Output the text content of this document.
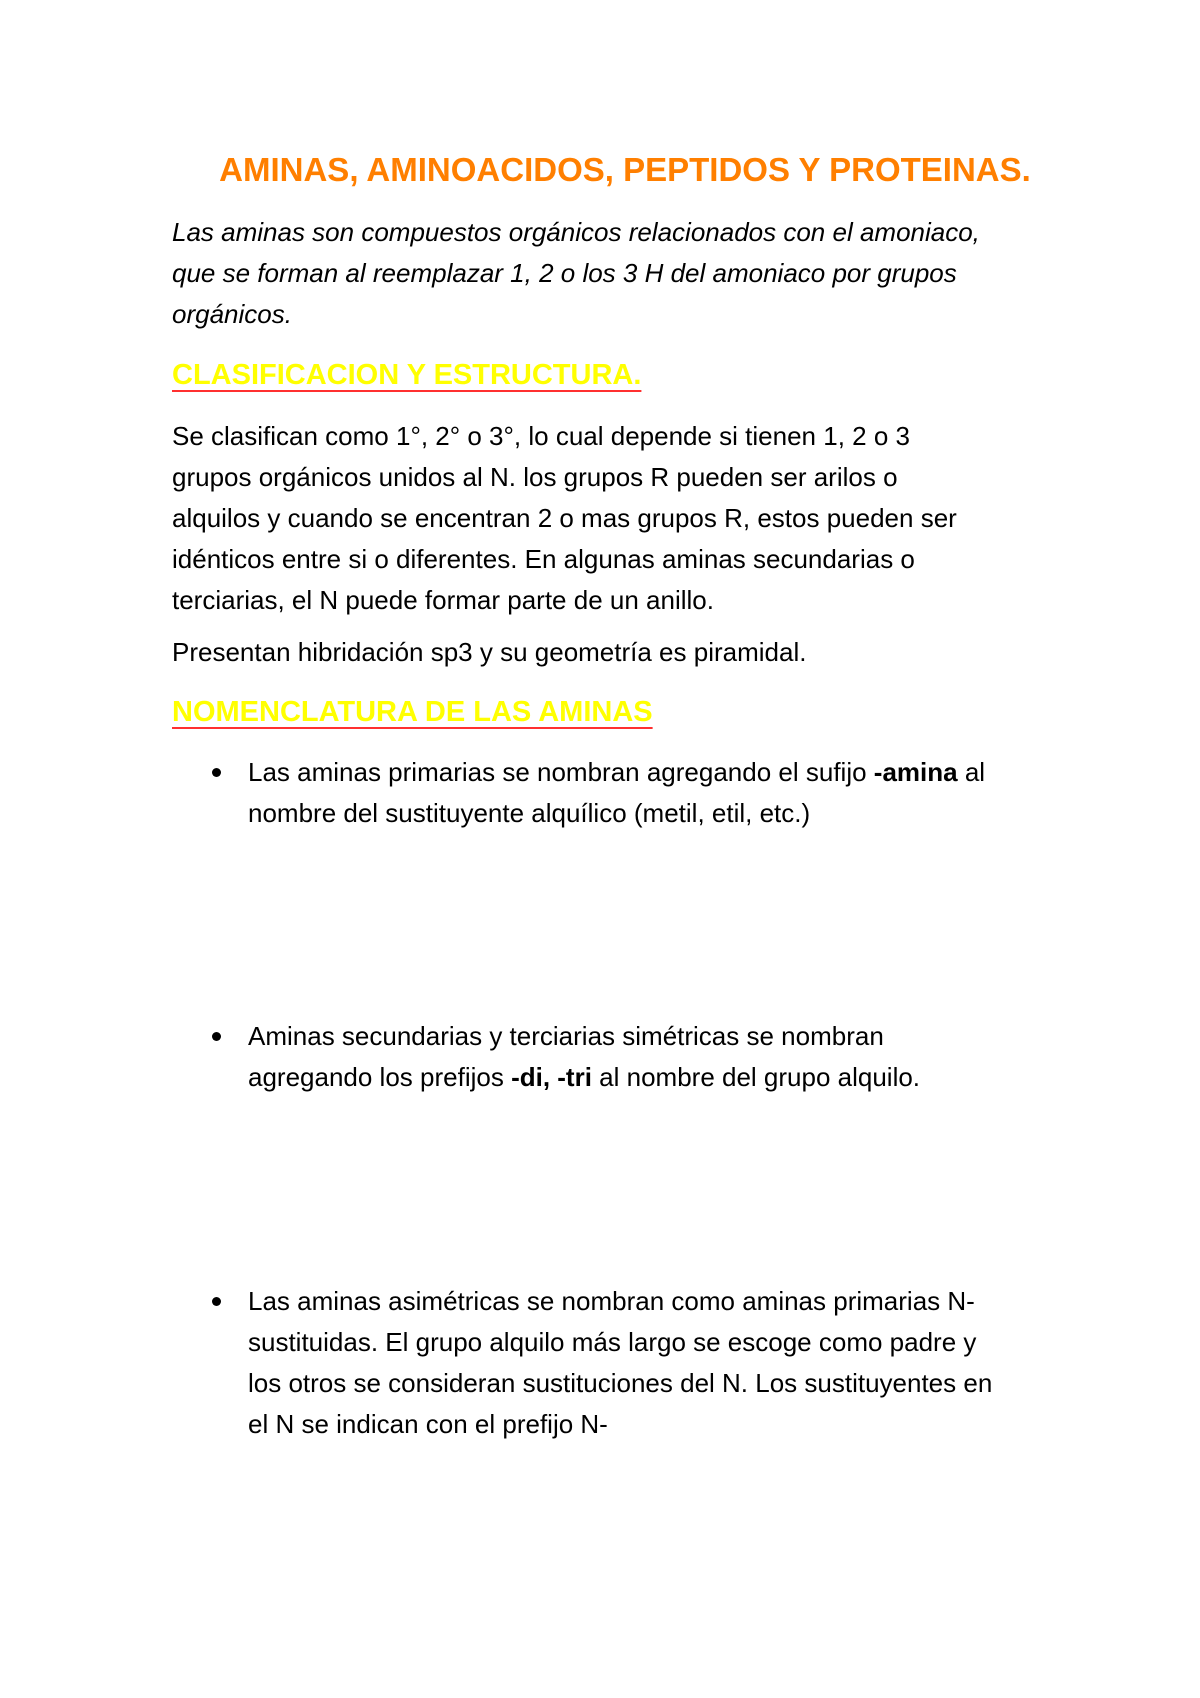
AMINAS, AMINOACIDOS, PEPTIDOS Y PROTEINAS.
Las aminas son compuestos orgánicos relacionados con el amoniaco,
que se forman al reemplazar 1, 2 o los 3 H del amoniaco por grupos
orgánicos.
CLASIFICACION Y ESTRUCTURA.
Se clasifican como 1°, 2° o 3°, lo cual depende si tienen 1, 2 o 3
grupos orgánicos unidos al N. los grupos R pueden ser arilos o
alquilos y cuando se encentran 2 o mas grupos R, estos pueden ser
idénticos entre si o diferentes. En algunas aminas secundarias o
terciarias, el N puede formar parte de un anillo.
Presentan hibridación sp3 y su geometría es piramidal.
NOMENCLATURA DE LAS AMINAS
Las aminas primarias se nombran agregando el sufijo -amina al
nombre del sustituyente alquílico (metil, etil, etc.)
Aminas secundarias y terciarias simétricas se nombran
agregando los prefijos -di, -tri al nombre del grupo alquilo.
Las aminas asimétricas se nombran como aminas primarias N-
sustituidas. El grupo alquilo más largo se escoge como padre y
los otros se consideran sustituciones del N. Los sustituyentes en
el N se indican con el prefijo N-
